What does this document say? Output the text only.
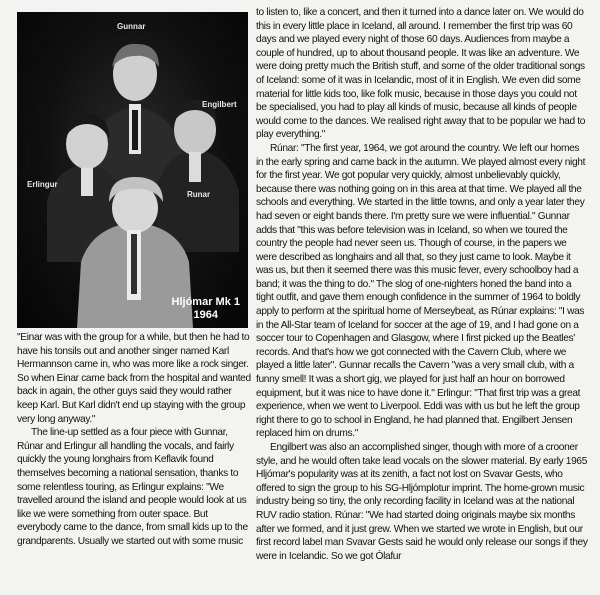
Gunnar
Engilbert
Erlingur
Runar
Hljómar Mk 1
1964

"Einar was with the group for a while, but then he had to have his tonsils out and another singer named Karl Hermannson came in, who was more like a rock singer. So when Einar came back from the hospital and wanted back in again, the other guys said they would rather keep Karl. But Karl didn't end up staying with the group very long anyway."

The line-up settled as a four piece with Gunnar, Rúnar and Erlingur all handling the vocals, and fairly quickly the young longhairs from Keflavik found themselves becoming a national sensation, thanks to some relentless touring, as Erlingur explains: "We travelled around the island and people would look at us like we were something from outer space. But everybody came to the dance, from small kids up to the grandparents. Usually we started out with some music

to listen to, like a concert, and then it turned into a dance later on. We would do this in every little place in Iceland, all around. I remember the first trip was 60 days and we played every night of those 60 days. Audiences from maybe a couple of hundred, up to about thousand people. It was like an adventure. We were doing pretty much the British stuff, and some of the older traditional songs of Iceland: some of it was in Icelandic, most of it in English. We even did some material for little kids too, like folk music, because in those days you could not be specialised, you had to play all kinds of music, because all kinds of people would come to the dances. We realised right away that to be popular we had to play everything."

Rúnar: "The first year, 1964, we got around the country. We left our homes in the early spring and came back in the autumn. We played almost every night for the first year. We got popular very quickly, almost unbelievably quickly, because there was nothing going on in this area at that time. We played all the schools and everything. We started in the little towns, and only a year later they had seven or eight bands there. I'm pretty sure we were influential." Gunnar adds that "this was before television was in Iceland, so when we toured the country the people had never seen us. Though of course, in the papers we were described as longhairs and all that, so they just came to look. Maybe it was us, but then it seemed there was this music fever, every schoolboy had a band; it was the thing to do." The slog of one-nighters honed the band into a tight outfit, and gave them enough confidence in the summer of 1964 to boldly apply to perform at the spiritual home of Merseybeat, as Rúnar explains: "I was in the All-Star team of Iceland for soccer at the age of 19, and I had gone on a soccer tour to Copenhagen and Glasgow, where I first picked up the Beatles' records. And that's how we got connected with the Cavern Club, where we played a little later". Gunnar recalls the Cavern "was a very small club, with a funny smell! It was a short gig, we played for just half an hour on borrowed equipment, but it was nice to have done it." Erlingur: "That first trip was a great experience, when we went to Liverpool. Eddi was with us but he left the group right there to go to school in England, he had planned that. Engilbert Jensen replaced him on drums."

Engilbert was also an accomplished singer, though with more of a crooner style, and he would often take lead vocals on the slower material. By early 1965 Hljómar's popularity was at its zenith, a fact not lost on Svavar Gests, who offered to sign the group to his SG-Hljómplotur imprint. The home-grown music industry being so tiny, the only recording facility in Iceland was at the national RUV radio station. Rúnar: "We had started doing originals maybe six months after we formed, and it just grew. When we started we wrote in English, but our first record label man Svavar Gests said he would only release our songs if they were in Icelandic. So we got Ólafur
